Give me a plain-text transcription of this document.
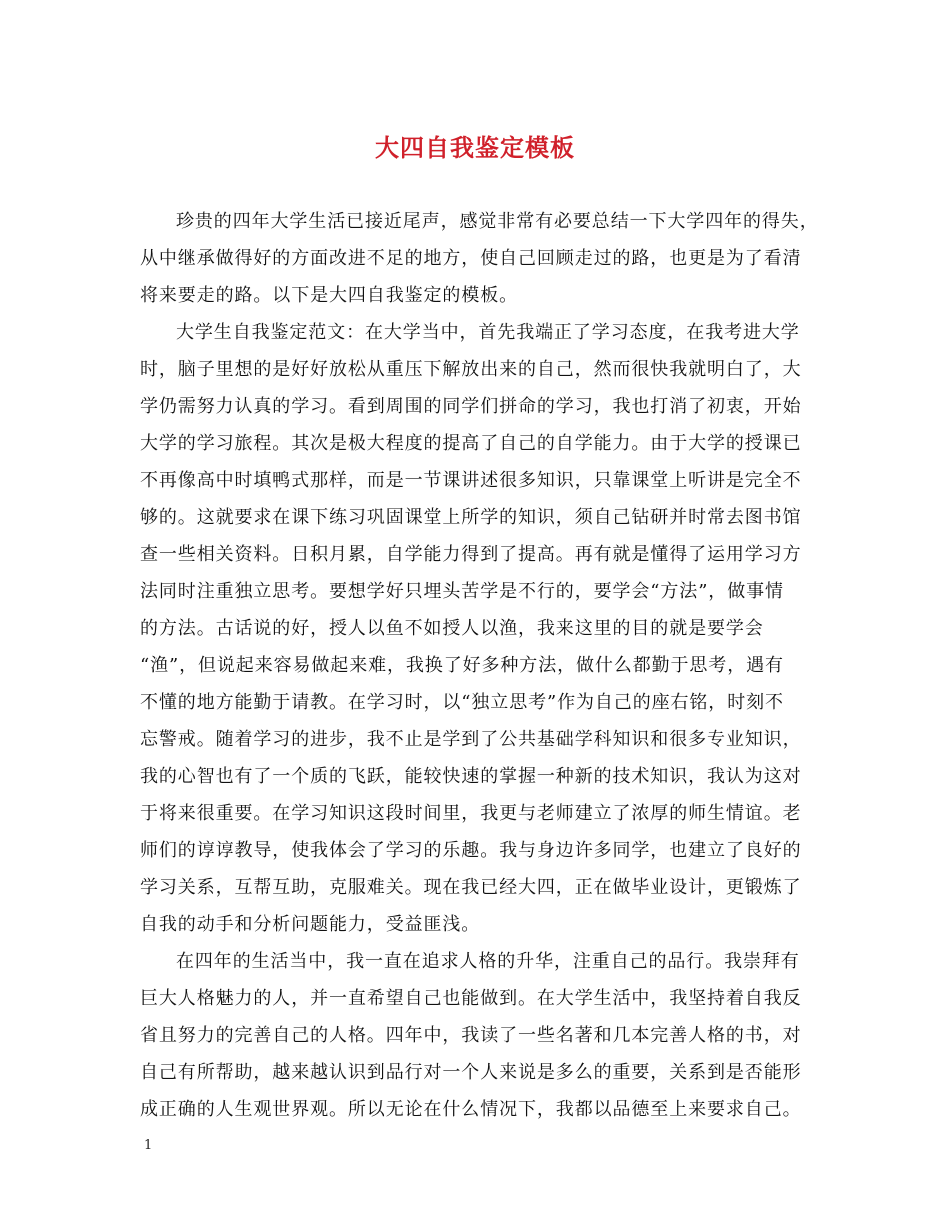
大四自我鉴定模板

珍贵的四年大学生活已接近尾声，感觉非常有必要总结一下大学四年的得失，
从中继承做得好的方面改进不足的地方，使自己回顾走过的路，也更是为了看清
将来要走的路。以下是大四自我鉴定的模板。

大学生自我鉴定范文：在大学当中，首先我端正了学习态度，在我考进大学
时，脑子里想的是好好放松从重压下解放出来的自己，然而很快我就明白了，大
学仍需努力认真的学习。看到周围的同学们拼命的学习，我也打消了初衷，开始
大学的学习旅程。其次是极大程度的提高了自己的自学能力。由于大学的授课已
不再像高中时填鸭式那样，而是一节课讲述很多知识，只靠课堂上听讲是完全不
够的。这就要求在课下练习巩固课堂上所学的知识，须自己钻研并时常去图书馆
查一些相关资料。日积月累，自学能力得到了提高。再有就是懂得了运用学习方
法同时注重独立思考。要想学好只埋头苦学是不行的，要学会“方法”，做事情
的方法。古话说的好，授人以鱼不如授人以渔，我来这里的目的就是要学会
“渔”，但说起来容易做起来难，我换了好多种方法，做什么都勤于思考，遇有
不懂的地方能勤于请教。在学习时，以“独立思考”作为自己的座右铭，时刻不
忘警戒。随着学习的进步，我不止是学到了公共基础学科知识和很多专业知识，
我的心智也有了一个质的飞跃，能较快速的掌握一种新的技术知识，我认为这对
于将来很重要。在学习知识这段时间里，我更与老师建立了浓厚的师生情谊。老
师们的谆谆教导，使我体会了学习的乐趣。我与身边许多同学，也建立了良好的
学习关系，互帮互助，克服难关。现在我已经大四，正在做毕业设计，更锻炼了
自我的动手和分析问题能力，受益匪浅。

在四年的生活当中，我一直在追求人格的升华，注重自己的品行。我崇拜有
巨大人格魅力的人，并一直希望自己也能做到。在大学生活中，我坚持着自我反
省且努力的完善自己的人格。四年中，我读了一些名著和几本完善人格的书，对
自己有所帮助，越来越认识到品行对一个人来说是多么的重要，关系到是否能形
成正确的人生观世界观。所以无论在什么情况下，我都以品德至上来要求自己。

1
